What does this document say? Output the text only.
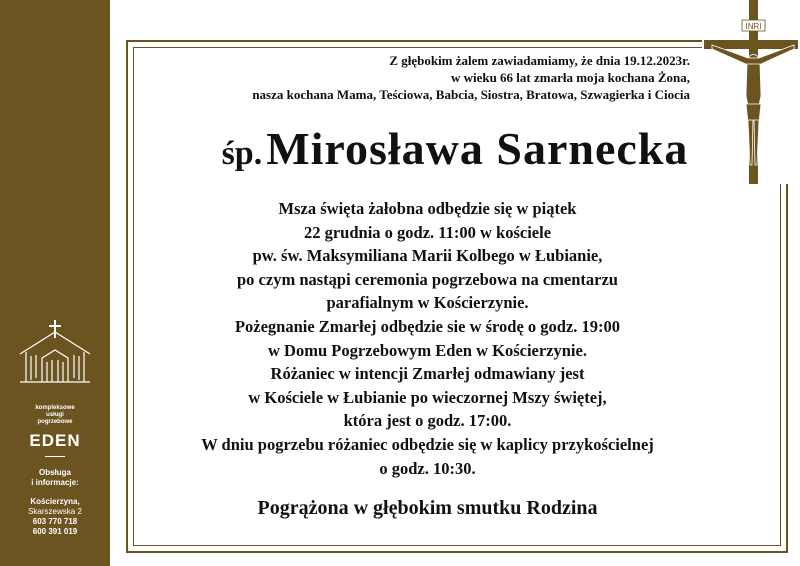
kompleksowe
usługi
pogrzebowe
EDEN
Obsługa
i informacje:
Kościerzyna,
Skarszewska 2
603 770 718
600 391 019
INRI
Z głębokim żalem zawiadamiamy, że dnia 19.12.2023r.
w wieku 66 lat zmarła moja kochana Żona,
nasza kochana Mama, Teściowa, Babcia, Siostra, Bratowa, Szwagierka i Ciocia
śp. Mirosława Sarnecka
Msza święta żałobna odbędzie się w piątek
22 grudnia o godz. 11:00 w kościele
pw. św. Maksymiliana Marii Kolbego w Łubianie,
po czym nastąpi ceremonia pogrzebowa na cmentarzu
parafialnym w Kościerzynie.
Pożegnanie Zmarłej odbędzie sie w środę o godz. 19:00
w Domu Pogrzebowym Eden w Kościerzynie.
Różaniec w intencji Zmarłej odmawiany jest
w Kościele w Łubianie po wieczornej Mszy świętej,
która jest o godz. 17:00.
W dniu pogrzebu różaniec odbędzie się w kaplicy przykościelnej
o godz. 10:30.
Pogrążona w głębokim smutku Rodzina
